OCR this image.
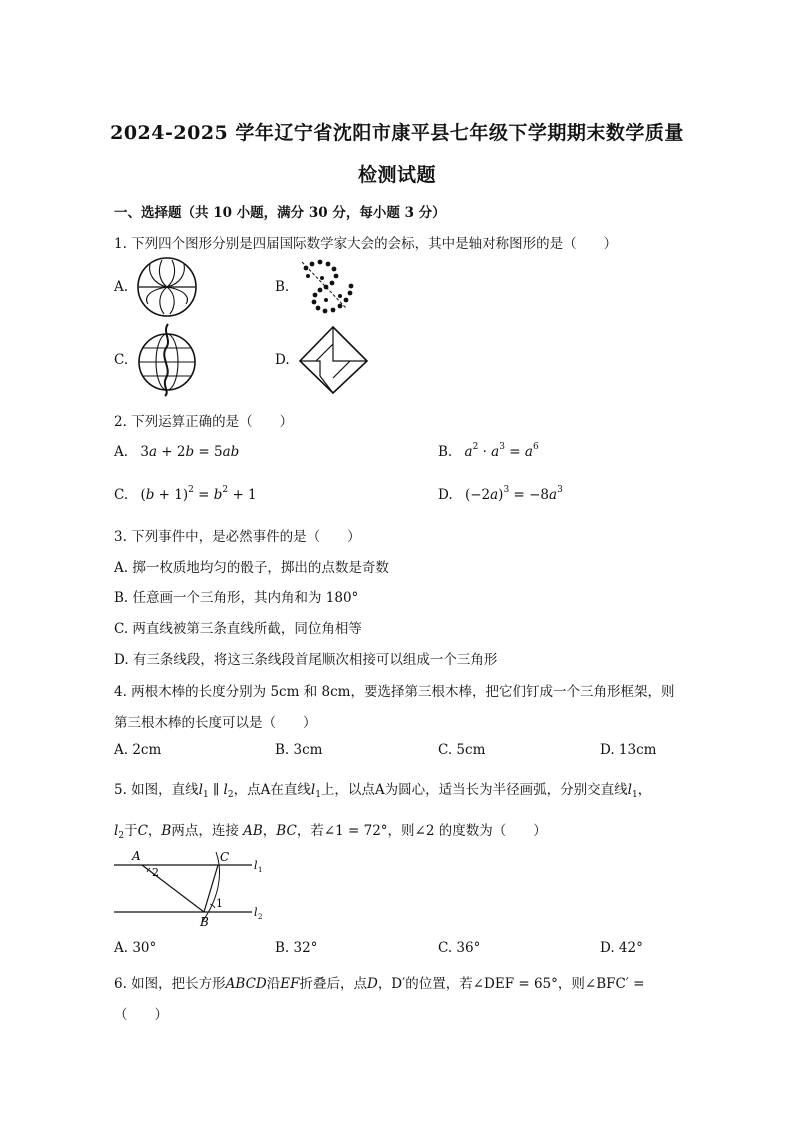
2024-2025 学年辽宁省沈阳市康平县七年级下学期期末数学质量
检测试题
一、选择题（共 10 小题，满分 30 分，每小题 3 分）
1. 下列四个图形分别是四届国际数学家大会的会标，其中是轴对称图形的是（　　）
A.	B.
C.	D.
2. 下列运算正确的是（　　）
A. 3a + 2b = 5ab	B. $a^2 \cdot a^3 = a^6$
C. $(b + 1)^2 = b^2 + 1$	D. $(-2a)^3 = -8a^3$
3. 下列事件中，是必然事件的是（　　）
A. 掷一枚质地均匀的骰子，掷出的点数是奇数
B. 任意画一个三角形，其内角和为 180°
C. 两直线被第三条直线所截，同位角相等
D. 有三条线段，将这三条线段首尾顺次相接可以组成一个三角形
4. 两根木棒的长度分别为 5cm 和 8cm，要选择第三根木棒，把它们钉成一个三角形框架，则
第三根木棒的长度可以是（　　）
A. 2cm	B. 3cm	C. 5cm	D. 13cm
5. 如图，直线$l_1$ ∥ $l_2$，点A在直线$l_1$上，以点A为圆心，适当长为半径画弧，分别交直线$l_1$，
$l_2$于C，B两点，连接 AB，BC，若∠1 = 72°，则∠2 的度数为（　　）
A
2
C
1
B
l 1
l 2
A. 30°	B. 32°	C. 36°	D. 42°
6. 如图，把长方形ABCD沿EF折叠后，点D，D′的位置，若∠DEF = 65°，则∠BFC′ =
（　　）
